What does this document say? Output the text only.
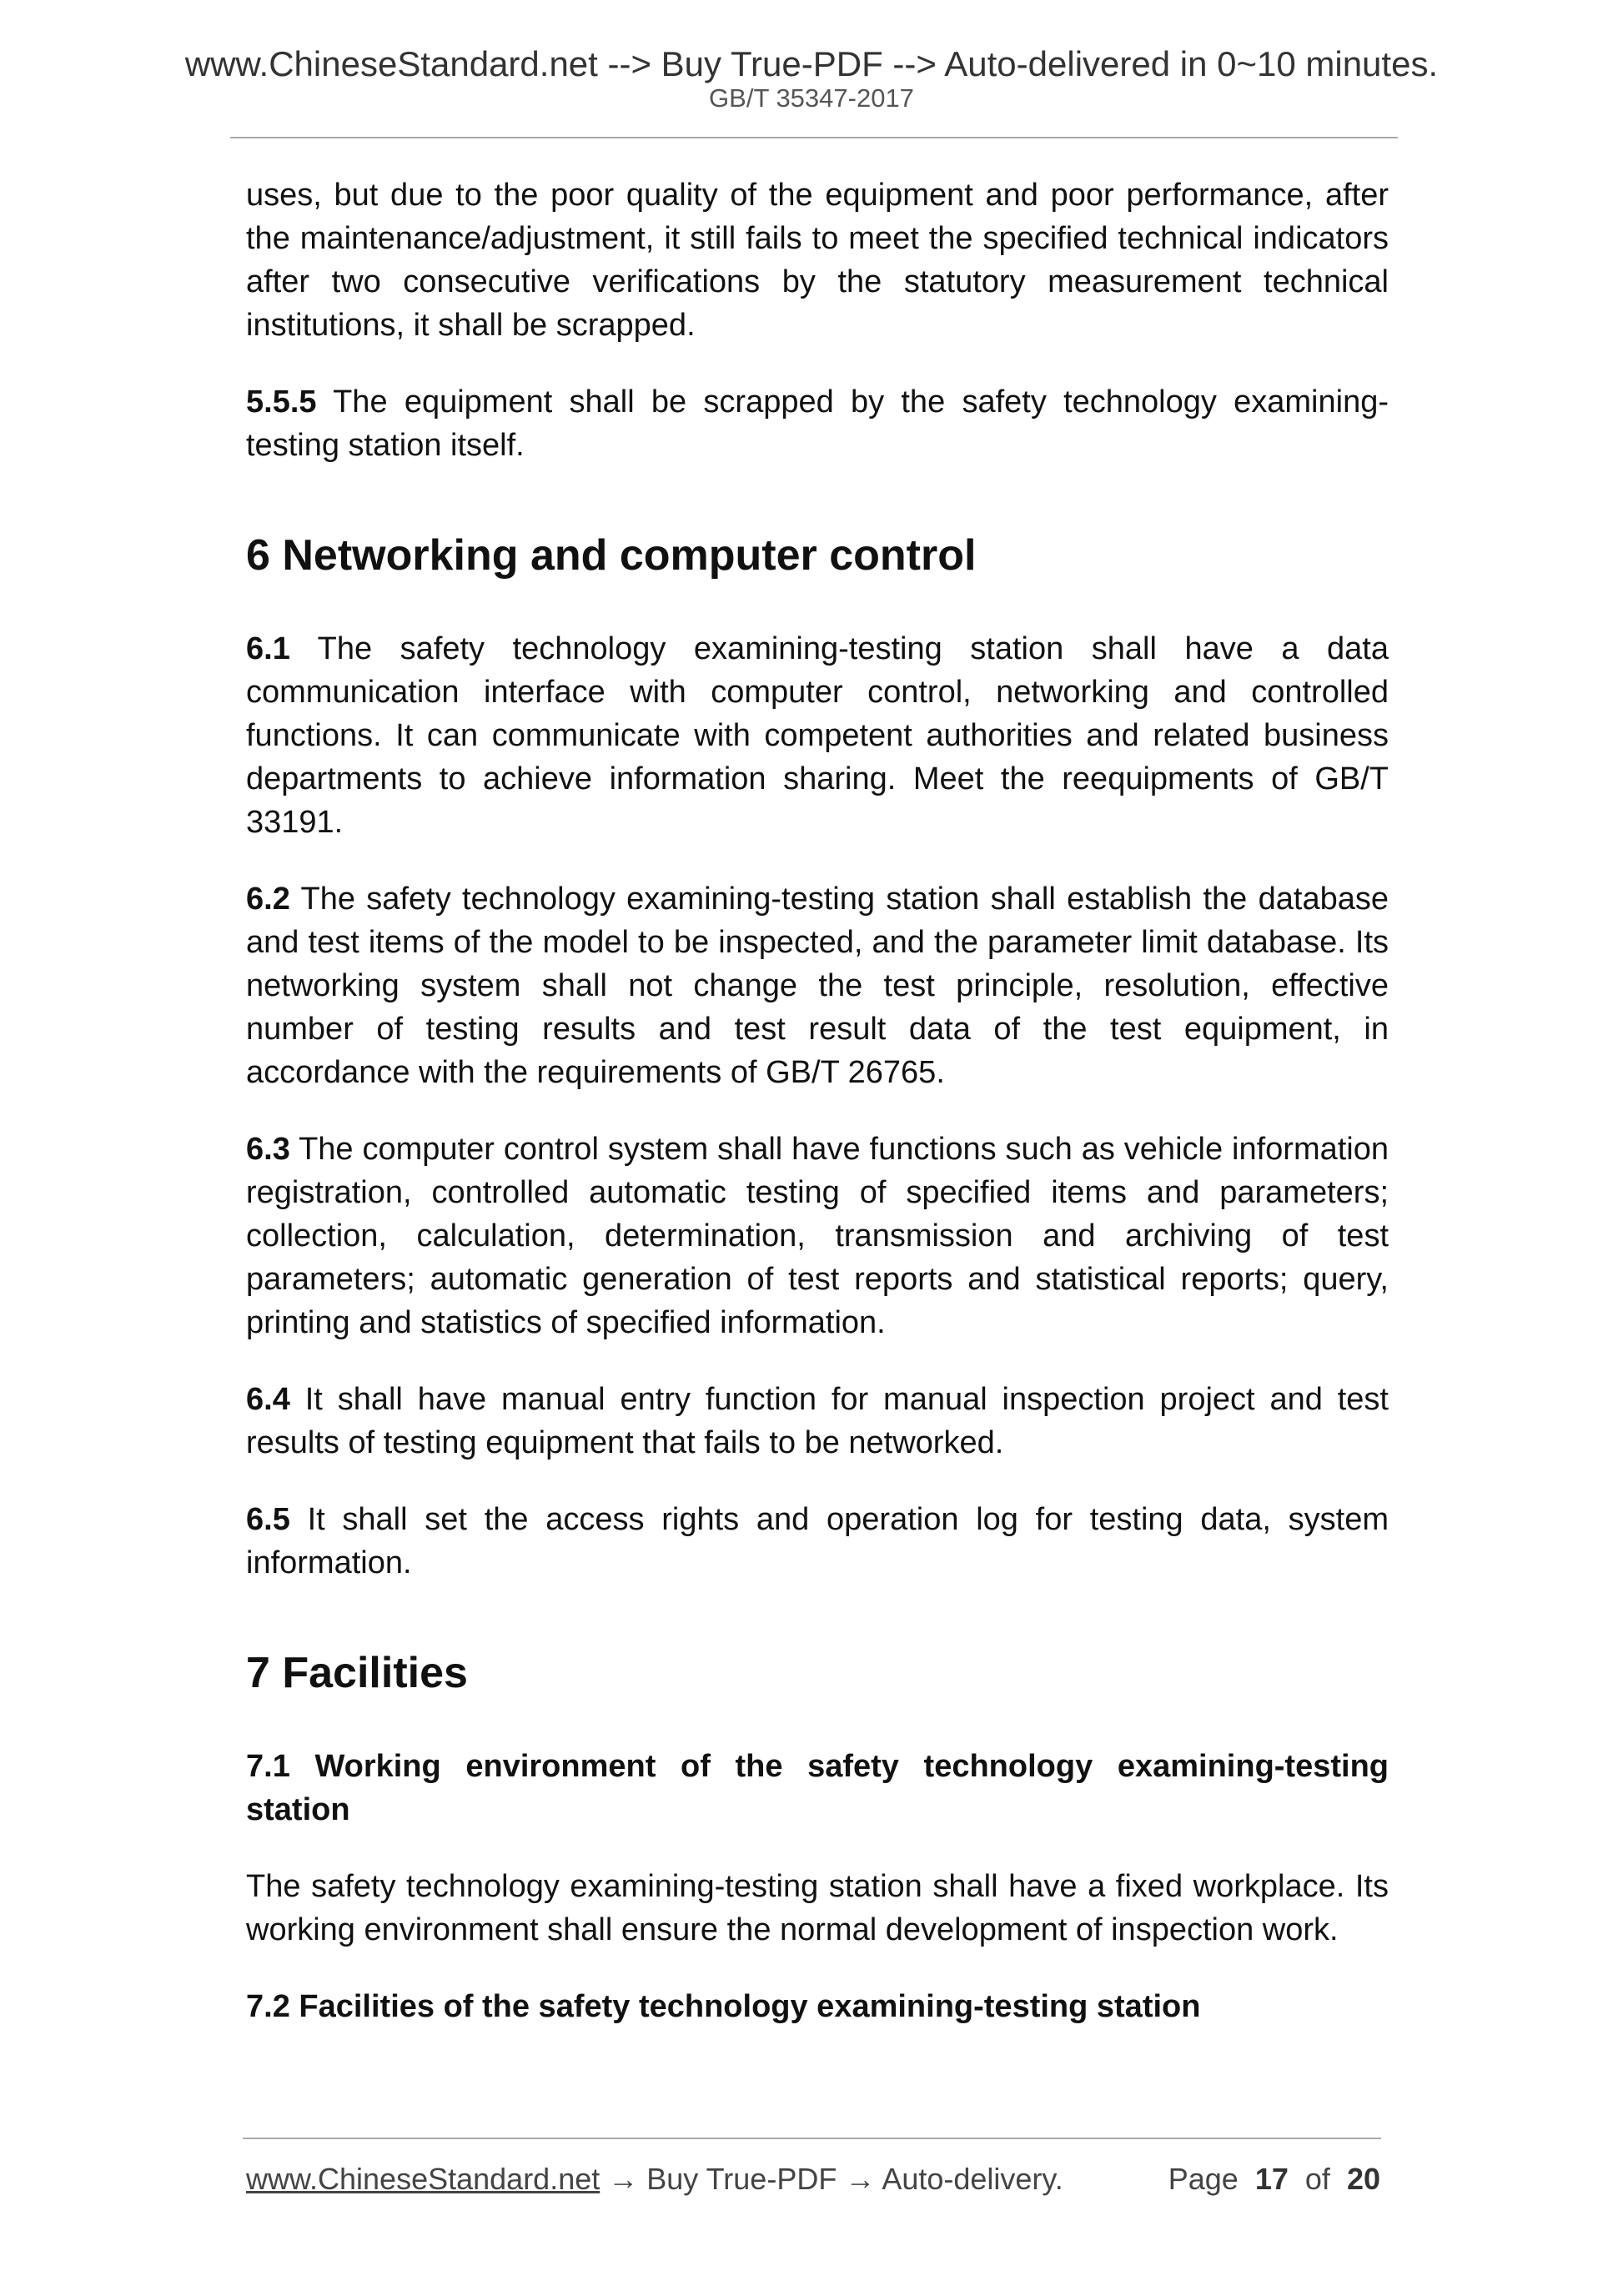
www.ChineseStandard.net --> Buy True-PDF --> Auto-delivered in 0~10 minutes.
GB/T 35347-2017

uses, but due to the poor quality of the equipment and poor performance, after the maintenance/adjustment, it still fails to meet the specified technical indicators after two consecutive verifications by the statutory measurement technical institutions, it shall be scrapped.

5.5.5 The equipment shall be scrapped by the safety technology examining-testing station itself.

6 Networking and computer control

6.1 The safety technology examining-testing station shall have a data communication interface with computer control, networking and controlled functions. It can communicate with competent authorities and related business departments to achieve information sharing. Meet the reequipments of GB/T 33191.

6.2 The safety technology examining-testing station shall establish the database and test items of the model to be inspected, and the parameter limit database. Its networking system shall not change the test principle, resolution, effective number of testing results and test result data of the test equipment, in accordance with the requirements of GB/T 26765.

6.3 The computer control system shall have functions such as vehicle information registration, controlled automatic testing of specified items and parameters; collection, calculation, determination, transmission and archiving of test parameters; automatic generation of test reports and statistical reports; query, printing and statistics of specified information.

6.4 It shall have manual entry function for manual inspection project and test results of testing equipment that fails to be networked.

6.5 It shall set the access rights and operation log for testing data, system information.

7 Facilities
7.1 Working environment of the safety technology examining-testing station

The safety technology examining-testing station shall have a fixed workplace. Its working environment shall ensure the normal development of inspection work.

7.2 Facilities of the safety technology examining-testing station
www.ChineseStandard.net → Buy True-PDF → Auto-delivery.	Page 17 of 20
